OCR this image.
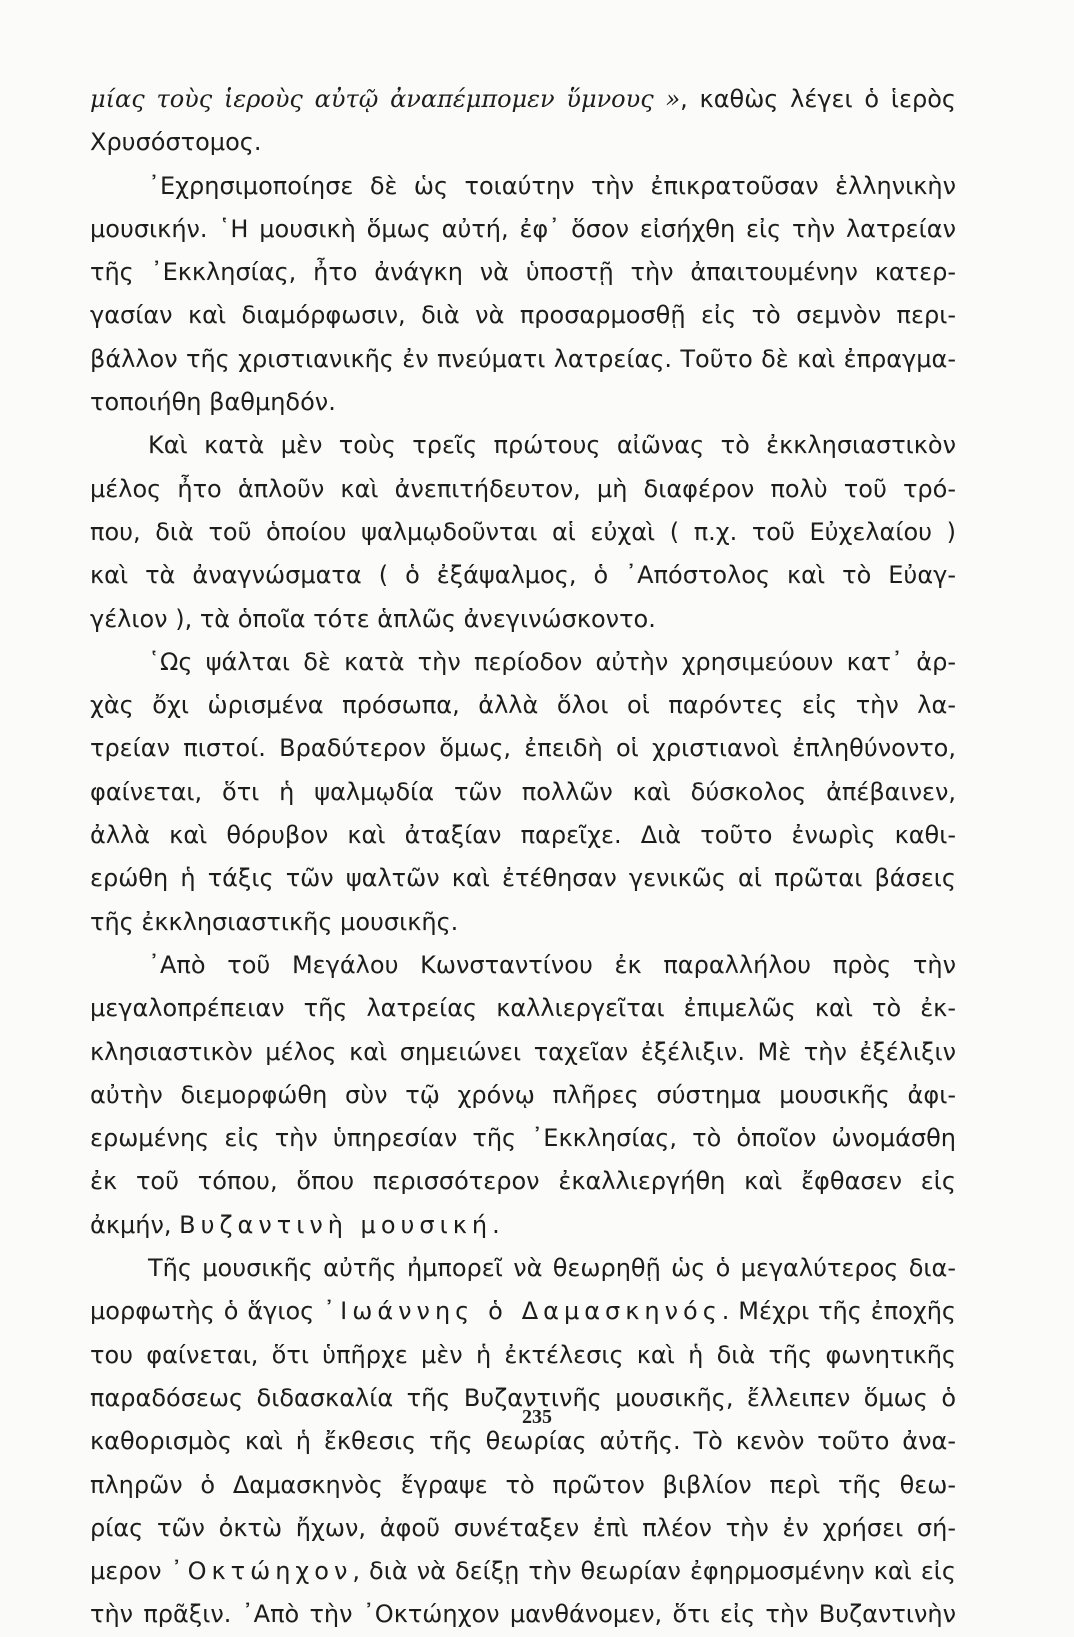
μίας τοὺς ἱεροὺς αὐτῷ ἀναπέμπομεν ὕμνους », καθὼς λέγει ὁ ἱερὸς
Χρυσόστομος.
᾿Εχρησιμοποίησε δὲ ὡς τοιαύτην τὴν ἐπικρατοῦσαν ἑλληνικὴν
μουσικήν. ῾Η μουσικὴ ὅμως αὐτή, ἐφ᾿ ὅσον εἰσήχθη εἰς τὴν λατρείαν
τῆς ᾿Εκκλησίας, ἦτο ἀνάγκη νὰ ὑποστῇ τὴν ἀπαιτουμένην κατερ-
γασίαν καὶ διαμόρφωσιν, διὰ νὰ προσαρμοσθῇ εἰς τὸ σεμνὸν περι-
βάλλον τῆς χριστιανικῆς ἐν πνεύματι λατρείας. Τοῦτο δὲ καὶ ἐπραγμα-
τοποιήθη βαθμηδόν.
Καὶ κατὰ μὲν τοὺς τρεῖς πρώτους αἰῶνας τὸ ἐκκλησιαστικὸν
μέλος ἦτο ἁπλοῦν καὶ ἀνεπιτήδευτον, μὴ διαφέρον πολὺ τοῦ τρό-
που, διὰ τοῦ ὁποίου ψαλμῳδοῦνται αἱ εὐχαὶ ( π.χ. τοῦ Εὐχελαίου )
καὶ τὰ ἀναγνώσματα ( ὁ ἐξάψαλμος, ὁ ᾿Απόστολος καὶ τὸ Εὐαγ-
γέλιον ), τὰ ὁποῖα τότε ἁπλῶς ἀνεγινώσκοντο.
῾Ως ψάλται δὲ κατὰ τὴν περίοδον αὐτὴν χρησιμεύουν κατ᾿ ἀρ-
χὰς ὄχι ὡρισμένα πρόσωπα, ἀλλὰ ὅλοι οἱ παρόντες εἰς τὴν λα-
τρείαν πιστοί. Βραδύτερον ὅμως, ἐπειδὴ οἱ χριστιανοὶ ἐπληθύνοντο,
φαίνεται, ὅτι ἡ ψαλμῳδία τῶν πολλῶν καὶ δύσκολος ἀπέβαινεν,
ἀλλὰ καὶ θόρυβον καὶ ἀταξίαν παρεῖχε. Διὰ τοῦτο ἐνωρὶς καθι-
ερώθη ἡ τάξις τῶν ψαλτῶν καὶ ἐτέθησαν γενικῶς αἱ πρῶται βάσεις
τῆς ἐκκλησιαστικῆς μουσικῆς.
᾿Απὸ τοῦ Μεγάλου Κωνσταντίνου ἐκ παραλλήλου πρὸς τὴν
μεγαλοπρέπειαν τῆς λατρείας καλλιεργεῖται ἐπιμελῶς καὶ τὸ ἐκ-
κλησιαστικὸν μέλος καὶ σημειώνει ταχεῖαν ἐξέλιξιν. Μὲ τὴν ἐξέλιξιν
αὐτὴν διεμορφώθη σὺν τῷ χρόνῳ πλῆρες σύστημα μουσικῆς ἀφι-
ερωμένης εἰς τὴν ὑπηρεσίαν τῆς ᾿Εκκλησίας, τὸ ὁποῖον ὠνομάσθη
ἐκ τοῦ τόπου, ὅπου περισσότερον ἐκαλλιεργήθη καὶ ἔφθασεν εἰς
ἀκμήν, Βυζαντινὴ μουσική.
Τῆς μουσικῆς αὐτῆς ἠμπορεῖ νὰ θεωρηθῇ ὡς ὁ μεγαλύτερος δια-
μορφωτὴς ὁ ἅγιος ᾿Ιωάννης ὁ Δαμασκηνός. Μέχρι τῆς ἐποχῆς
του φαίνεται, ὅτι ὑπῆρχε μὲν ἡ ἐκτέλεσις καὶ ἡ διὰ τῆς φωνητικῆς
παραδόσεως διδασκαλία τῆς Βυζαντινῆς μουσικῆς, ἔλλειπεν ὅμως ὁ
καθορισμὸς καὶ ἡ ἔκθεσις τῆς θεωρίας αὐτῆς. Τὸ κενὸν τοῦτο ἀνα-
πληρῶν ὁ Δαμασκηνὸς ἔγραψε τὸ πρῶτον βιβλίον περὶ τῆς θεω-
ρίας τῶν ὀκτὼ ἤχων, ἀφοῦ συνέταξεν ἐπὶ πλέον τὴν ἐν χρήσει σή-
μερον ᾿Οκτώηχον, διὰ νὰ δείξῃ τὴν θεωρίαν ἐφηρμοσμένην καὶ εἰς
τὴν πρᾶξιν. ᾿Απὸ τὴν ᾿Οκτώηχον μανθάνομεν, ὅτι εἰς τὴν Βυζαντινὴν
235
